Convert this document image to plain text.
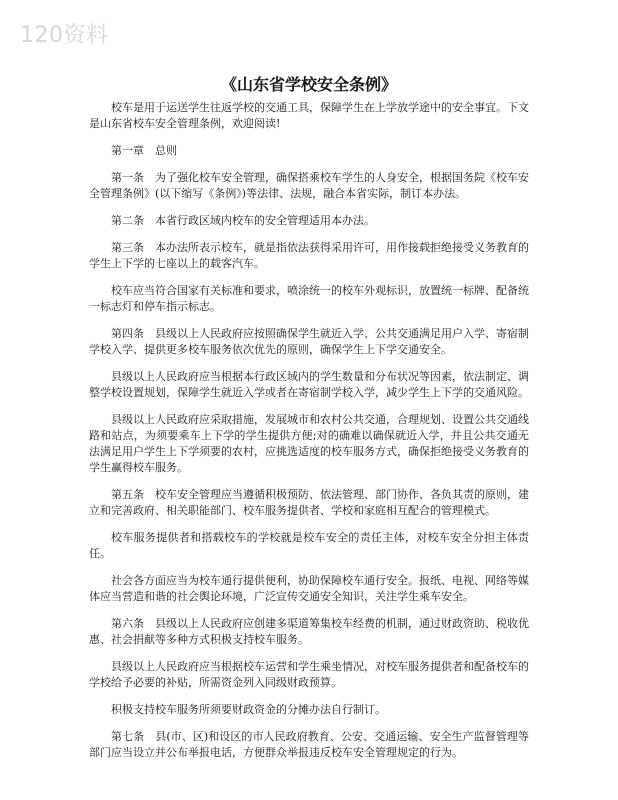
120资料
《山东省学校安全条例》

校车是用于运送学生往返学校的交通工具，保障学生在上学放学途中的安全事宜。下文是山东省校车安全管理条例，欢迎阅读!

第一章　总则

第一条　为了强化校车安全管理，确保搭乘校车学生的人身安全，根据国务院《校车安全管理条例》(以下缩写《条例》)等法律、法规，融合本省实际，制订本办法。

第二条　本省行政区域内校车的安全管理适用本办法。

第三条　本办法所表示校车，就是指依法获得采用许可，用作接载拒绝接受义务教育的学生上下学的七座以上的载客汽车。

校车应当符合国家有关标准和要求，喷涂统一的校车外观标识，放置统一标牌、配备统一标志灯和停车指示标志。

第四条　县级以上人民政府应按照确保学生就近入学、公共交通满足用户入学、寄宿制学校入学、提供更多校车服务依次优先的原则，确保学生上下学交通安全。

县级以上人民政府应当根据本行政区域内的学生数量和分布状况等因素，依法制定、调整学校设置规划，保障学生就近入学或者在寄宿制学校入学，减少学生上下学的交通风险。

县级以上人民政府应采取措施，发展城市和农村公共交通，合理规划、设置公共交通线路和站点，为须要乘车上下学的学生提供方便;对的确难以确保就近入学，并且公共交通无法满足用户学生上下学须要的农村，应挑选适度的校车服务方式，确保拒绝接受义务教育的学生赢得校车服务。

第五条　校车安全管理应当遵循积极预防、依法管理、部门协作、各负其责的原则，建立和完善政府、相关职能部门、校车服务提供者、学校和家庭相互配合的管理模式。

校车服务提供者和搭载校车的学校就是校车安全的责任主体，对校车安全分担主体责任。

社会各方面应当为校车通行提供便利，协助保障校车通行安全。报纸、电视、网络等媒体应当营造和谐的社会舆论环境，广泛宣传交通安全知识，关注学生乘车安全。

第六条　县级以上人民政府应创建多渠道筹集校车经费的机制，通过财政资助、税收优惠、社会捐献等多种方式积极支持校车服务。

县级以上人民政府应当根据校车运营和学生乘坐情况，对校车服务提供者和配备校车的学校给予必要的补贴，所需资金列入同级财政预算。

积极支持校车服务所须要财政资金的分摊办法自行制订。

第七条　县(市、区)和设区的市人民政府教育、公安、交通运输、安全生产监督管理等部门应当设立并公布举报电话，方便群众举报违反校车安全管理规定的行为。
